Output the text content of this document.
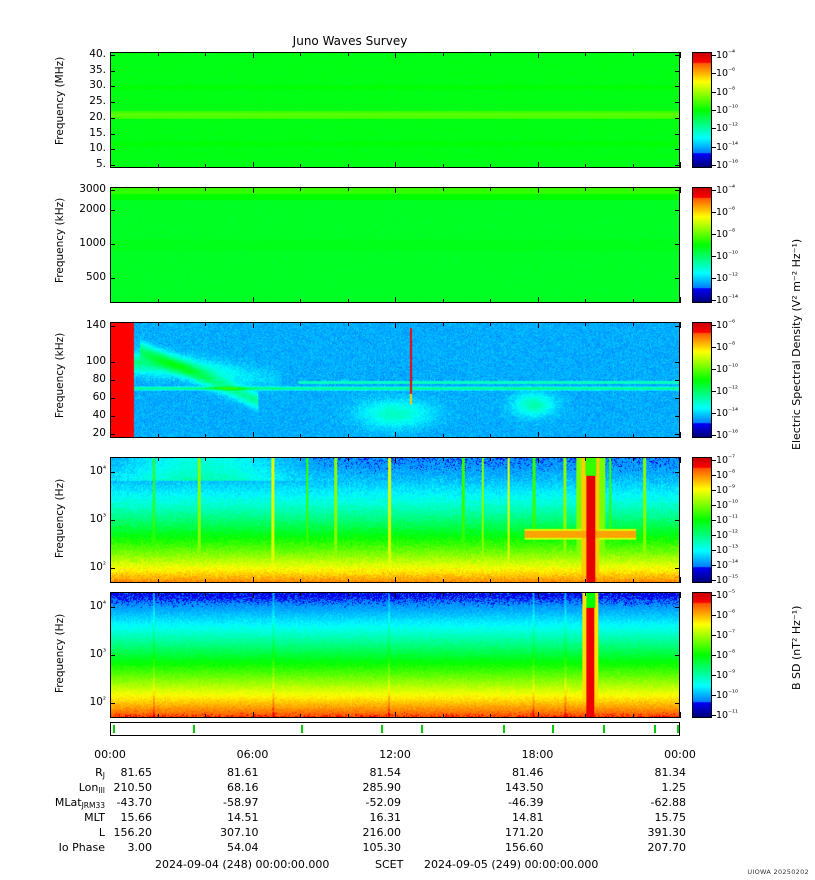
Juno Waves Survey
Frequency (MHz)
Frequency (kHz)
Frequency (kHz)
Frequency (Hz)
Frequency (Hz)
Electric Spectral Density (V² m⁻² Hz⁻¹)
B SD (nT² Hz⁻¹)
5.
10.
15.
20.
25.
30.
35.
40.
500
1000
2000
3000
20
40
60
80
100
140
$10^{^2}$
$10^{^3}$
$10^{^4}$
$10^{^2}$
$10^{^3}$
$10^{^4}$
$10^{^{-4}}$
$10^{^{-6}}$
$10^{^{-8}}$
$10^{^{-10}}$
$10^{^{-12}}$
$10^{^{-14}}$
$10^{^{-16}}$
$10^{^{-4}}$
$10^{^{-6}}$
$10^{^{-8}}$
$10^{^{-10}}$
$10^{^{-12}}$
$10^{^{-14}}$
$10^{^{-6}}$
$10^{^{-8}}$
$10^{^{-10}}$
$10^{^{-12}}$
$10^{^{-14}}$
$10^{^{-16}}$
$10^{^{-7}}$
$10^{^{-8}}$
$10^{^{-9}}$
$10^{^{-10}}$
$10^{^{-11}}$
$10^{^{-12}}$
$10^{^{-13}}$
$10^{^{-14}}$
$10^{^{-15}}$
$10^{^{-5}}$
$10^{^{-6}}$
$10^{^{-7}}$
$10^{^{-8}}$
$10^{^{-9}}$
$10^{^{-10}}$
$10^{^{-11}}$
00:00	06:00	12:00	18:00	00:00
$R_J$	81.65	81.61	81.54	81.46	81.34
Lon$_{III}$ 210.50	68.16	285.90	143.50	1.25
MLat$_{JRM33}$	-43.70	-58.97	-52.09	-46.39	-62.88
MLT	15.66	14.51	16.31	14.81	15.75
L 156.20	307.10	216.00	171.20	391.30
Io Phase	3.00	54.04	105.30	156.60	207.70
2024-09-04 (248) 00:00:00.000	SCET 2024-09-05 (249) 00:00:00.000
UIOWA 20250202
